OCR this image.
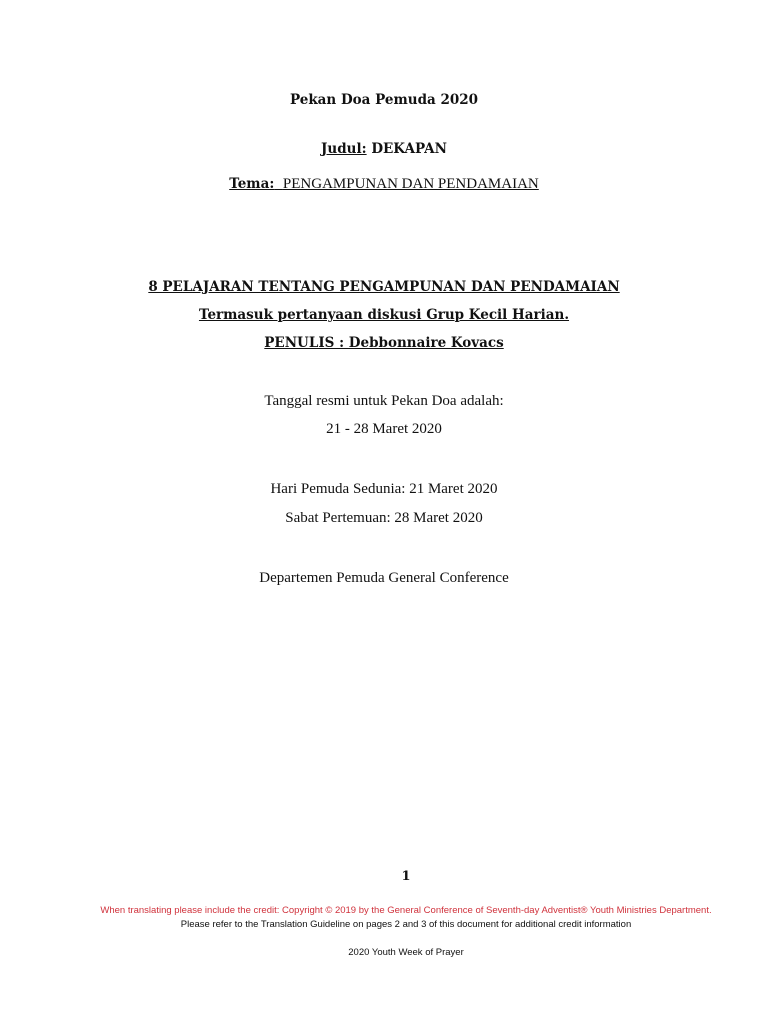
Pekan Doa Pemuda 2020
Judul: DEKAPAN
Tema: PENGAMPUNAN DAN PENDAMAIAN
8 PELAJARAN TENTANG PENGAMPUNAN DAN PENDAMAIAN
Termasuk pertanyaan diskusi Grup Kecil Harian.
PENULIS : Debbonnaire Kovacs
Tanggal resmi untuk Pekan Doa adalah:
21 - 28 Maret 2020
Hari Pemuda Sedunia: 21 Maret 2020
Sabat Pertemuan: 28 Maret 2020
Departemen Pemuda General Conference
1
When translating please include the credit: Copyright © 2019 by the General Conference of Seventh-day Adventist® Youth Ministries Department.
Please refer to the Translation Guideline on pages 2 and 3 of this document for additional credit information
2020 Youth Week of Prayer
